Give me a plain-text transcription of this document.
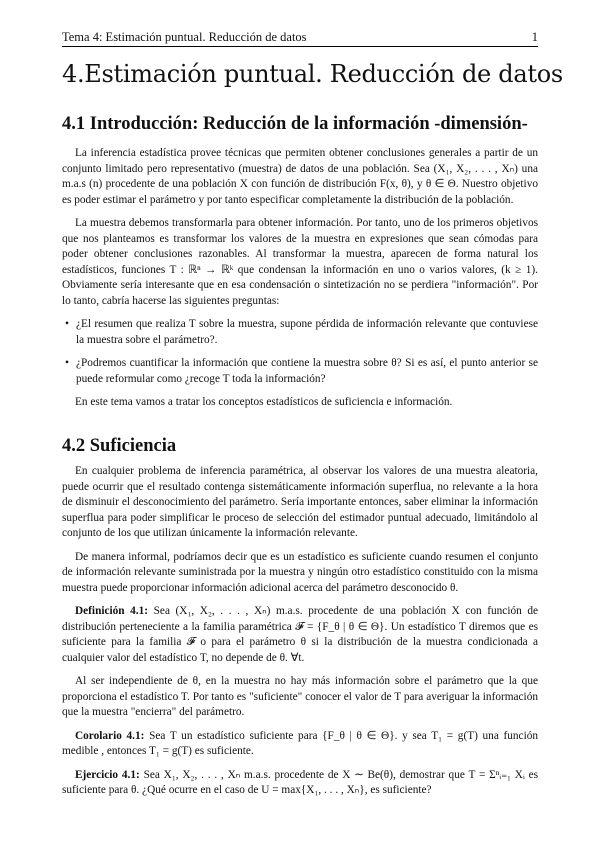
Tema 4: Estimación puntual. Reducción de datos	1
4.Estimación puntual. Reducción de datos
4.1 Introducción: Reducción de la información -dimensión-

La inferencia estadística provee técnicas que permiten obtener conclusiones generales a partir de un conjunto limitado pero representativo (muestra) de datos de una población. Sea (X₁, X₂, . . . , Xₙ) una m.a.s (n) procedente de una población X con función de distribución F(x, θ), y θ ∈ Θ. Nuestro objetivo es poder estimar el parámetro y por tanto especificar completamente la distribución de la población.

La muestra debemos transformarla para obtener información. Por tanto, uno de los primeros objetivos que nos planteamos es transformar los valores de la muestra en expresiones que sean cómodas para poder obtener conclusiones razonables. Al transformar la muestra, aparecen de forma natural los estadísticos, funciones T : ℝⁿ → ℝᵏ que condensan la información en uno o varios valores, (k ≥ 1). Obviamente sería interesante que en esa condensación o sintetización no se perdiera "información". Por lo tanto, cabría hacerse las siguientes preguntas:

• ¿El resumen que realiza T sobre la muestra, supone pérdida de información relevante que contuviese la muestra sobre el parámetro?.
• ¿Podremos cuantificar la información que contiene la muestra sobre θ? Si es así, el punto anterior se puede reformular como ¿recoge T toda la información?

En este tema vamos a tratar los conceptos estadísticos de suficiencia e información.

4.2 Suficiencia

En cualquier problema de inferencia paramétrica, al observar los valores de una muestra aleatoria, puede ocurrir que el resultado contenga sistemáticamente información superflua, no relevante a la hora de disminuir el desconocimiento del parámetro. Sería importante entonces, saber eliminar la información superflua para poder simplificar le proceso de selección del estimador puntual adecuado, limitándolo al conjunto de los que utilizan únicamente la información relevante.

De manera informal, podríamos decir que es un estadístico es suficiente cuando resumen el conjunto de información relevante suministrada por la muestra y ningún otro estadístico constituido con la misma muestra puede proporcionar información adicional acerca del parámetro desconocido θ.

Definición 4.1: Sea (X₁, X₂, . . . , Xₙ) m.a.s. procedente de una población X con función de distribución perteneciente a la familia paramétrica 𝓕 = {F_θ | θ ∈ Θ}. Un estadístico T diremos que es suficiente para la familia 𝓕 o para el parámetro θ si la distribución de la muestra condicionada a cualquier valor del estadístico T, no depende de θ. ∀t.

Al ser independiente de θ, en la muestra no hay más información sobre el parámetro que la que proporciona el estadístico T. Por tanto es "suficiente" conocer el valor de T para averiguar la información que la muestra "encierra" del parámetro.

Corolario 4.1: Sea T un estadístico suficiente para {F_θ | θ ∈ Θ}. y sea T₁ = g(T) una función medible , entonces T₁ = g(T) es suficiente.

Ejercicio 4.1: Sea X₁, X₂, . . . , Xₙ m.a.s. procedente de X ∼ Be(θ), demostrar que T = Σⁿᵢ₌₁ Xᵢ es suficiente para θ. ¿Qué ocurre en el caso de U = max{X₁, . . . , Xₙ}, es suficiente?
